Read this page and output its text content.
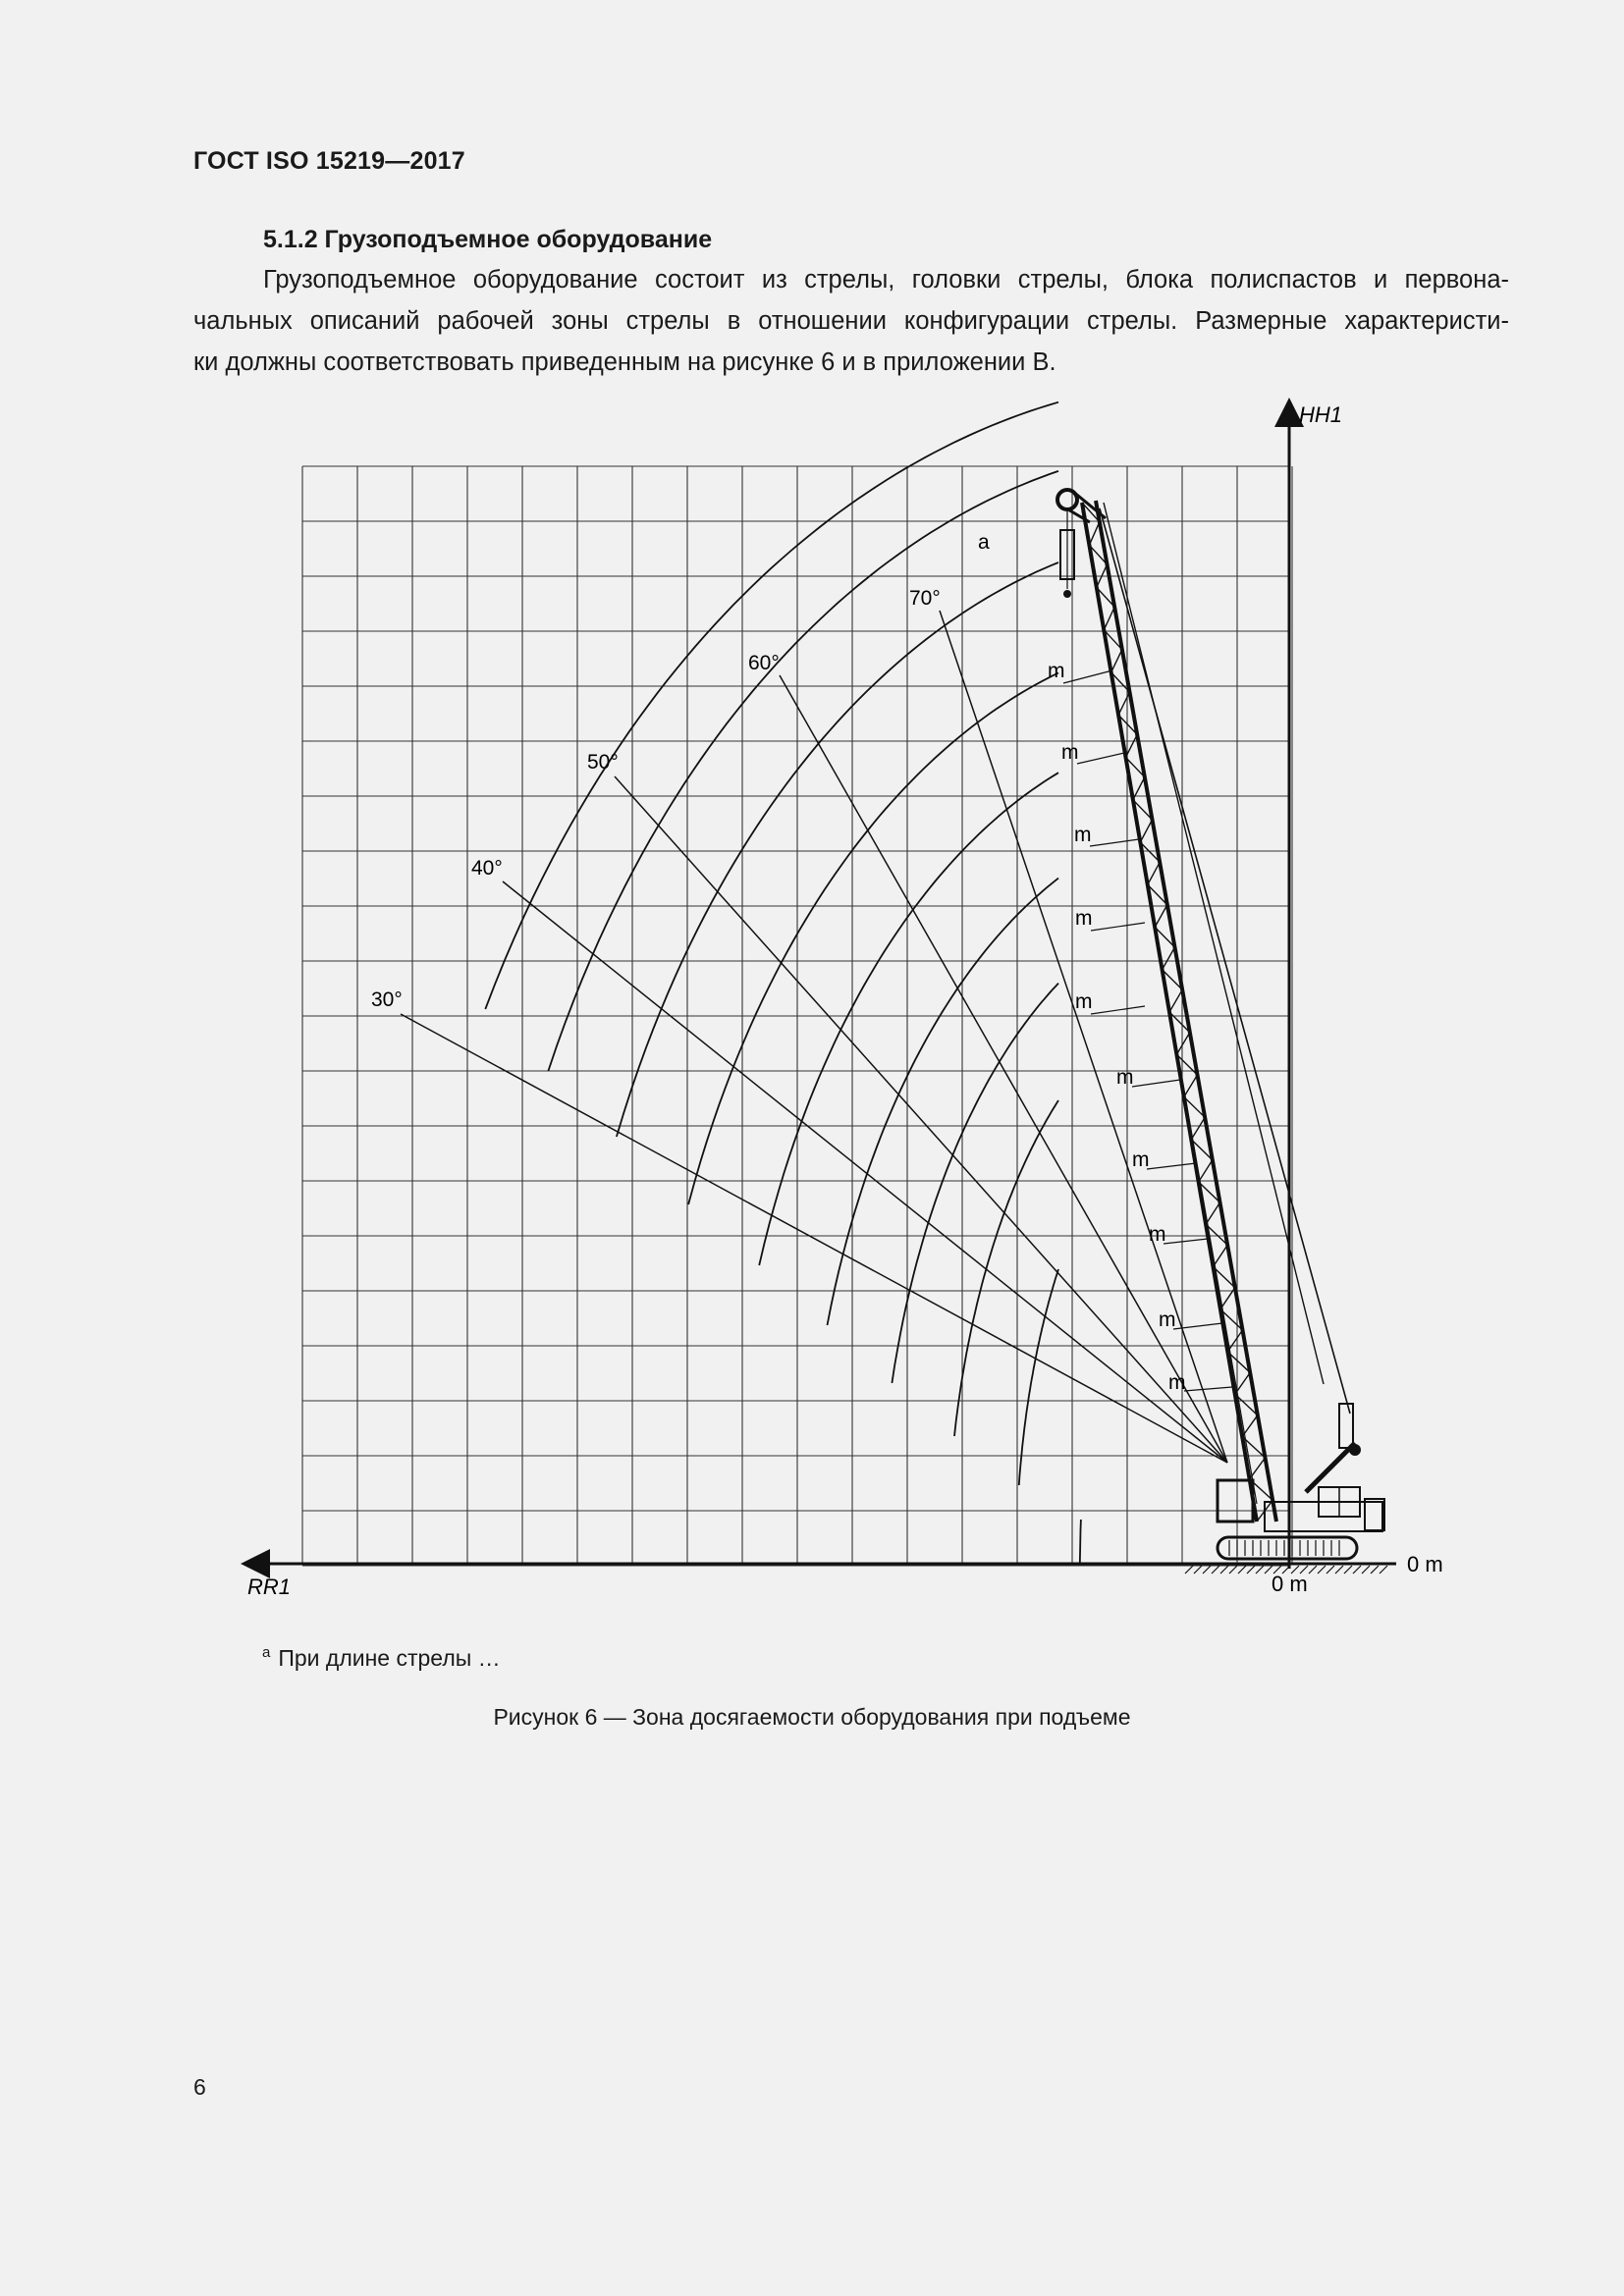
ГОСТ ISO 15219—2017
5.1.2 Грузоподъемное оборудование
Грузоподъемное оборудование состоит из стрелы, головки стрелы, блока полиспастов и первона-
чальных описаний рабочей зоны стрелы в отношении конфигурации стрелы. Размерные характеристи-
ки должны соответствовать приведенным на рисунке 6 и в приложении В.
HH1
RR1	0 m
0 m
30°
40°
50°
60°
70°
m
m
m
m
m
m
m
m
m
m
a
$^a$ При длине стрелы …
Рисунок 6 — Зона досягаемости оборудования при подъеме
6
